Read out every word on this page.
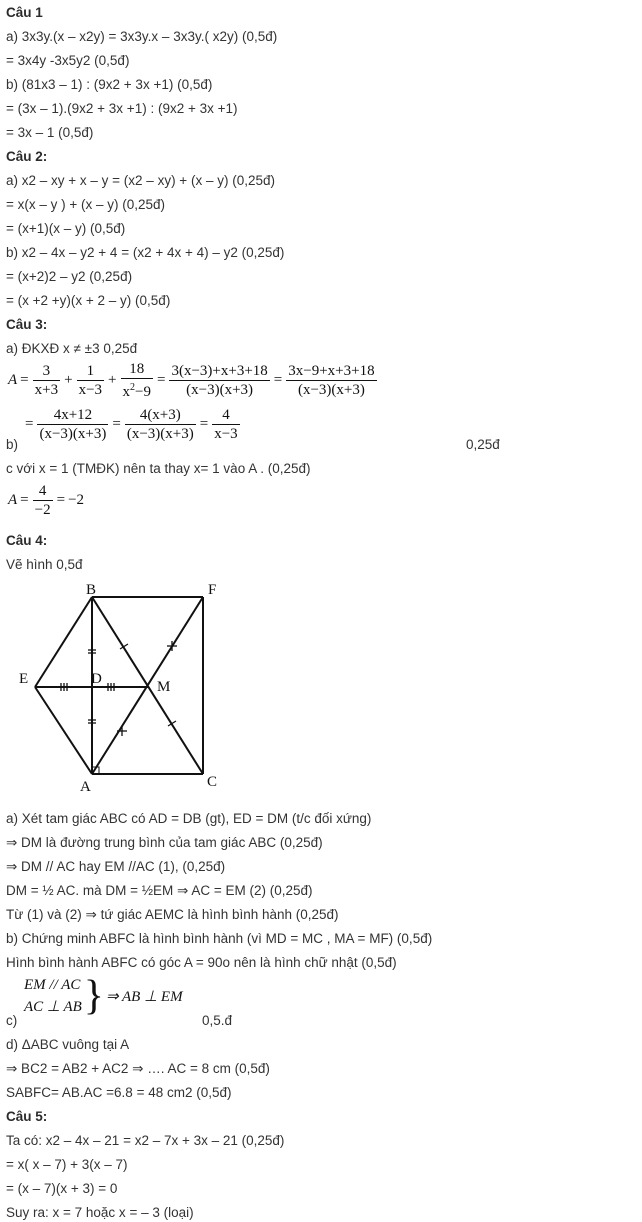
Câu 1
a) 3x3y.(x – x2y) = 3x3y.x – 3x3y.( x2y) (0,5đ)
= 3x4y -3x5y2 (0,5đ)
b) (81x3 – 1) : (9x2 + 3x +1) (0,5đ)
= (3x – 1).(9x2 + 3x +1) : (9x2 + 3x +1)
= 3x – 1 (0,5đ)
Câu 2:
a) x2 – xy + x – y = (x2 – xy) + (x – y) (0,25đ)
= x(x – y ) + (x – y) (0,25đ)
= (x+1)(x – y) (0,5đ)
b) x2 – 4x – y2 + 4 = (x2 + 4x + 4) – y2 (0,25đ)
= (x+2)2 – y2 (0,25đ)
= (x +2 +y)(x + 2 – y) (0,5đ)
Câu 3:
a) ĐKXĐ x ≠ ±3 0,25đ
$A = \frac{3}{x+3} + \frac{1}{x-3} + \frac{18}{x^2-9} = \frac{3(x-3)+x+3+18}{(x-3)(x+3)} = \frac{3x-9+x+3+18}{(x-3)(x+3)}$
= $\frac{4x+12}{(x-3)(x+3)} = \frac{4(x+3)}{(x-3)(x+3)} = \frac{4}{x-3}$
b)	0,25đ
c với x = 1 (TMĐK) nên ta thay x= 1 vào A . (0,25đ)
$A = \frac{4}{-2} = -2$
Câu 4:
Vẽ hình 0,5đ
B	F
E	D	M
A	C
a) Xét tam giác ABC có AD = DB (gt), ED = DM (t/c đối xứng)
⇒ DM là đường trung bình của tam giác ABC (0,25đ)
⇒ DM // AC hay EM //AC (1), (0,25đ)
DM = ½ AC. mà DM = ½EM ⇒ AC = EM (2) (0,25đ)
Từ (1) và (2) ⇒ tứ giác AEMC là hình bình hành (0,25đ)
b) Chứng minh ABFC là hình bình hành (vì MD = MC , MA = MF) (0,5đ)
Hình bình hành ABFC có góc A = 90o nên là hình chữ nhật (0,5đ)
EM // AC
AC ⊥ AB } ⇒ AB ⊥ EM
c)	0,5.đ
d) ΔABC vuông tại A
⇒ BC2 = AB2 + AC2 ⇒ …. AC = 8 cm (0,5đ)
SABFC= AB.AC =6.8 = 48 cm2 (0,5đ)
Câu 5:
Ta có: x2 – 4x – 21 = x2 – 7x + 3x – 21 (0,25đ)
= x( x – 7) + 3(x – 7)
= (x – 7)(x + 3) = 0
Suy ra: x = 7 hoặc x = – 3 (loại)
